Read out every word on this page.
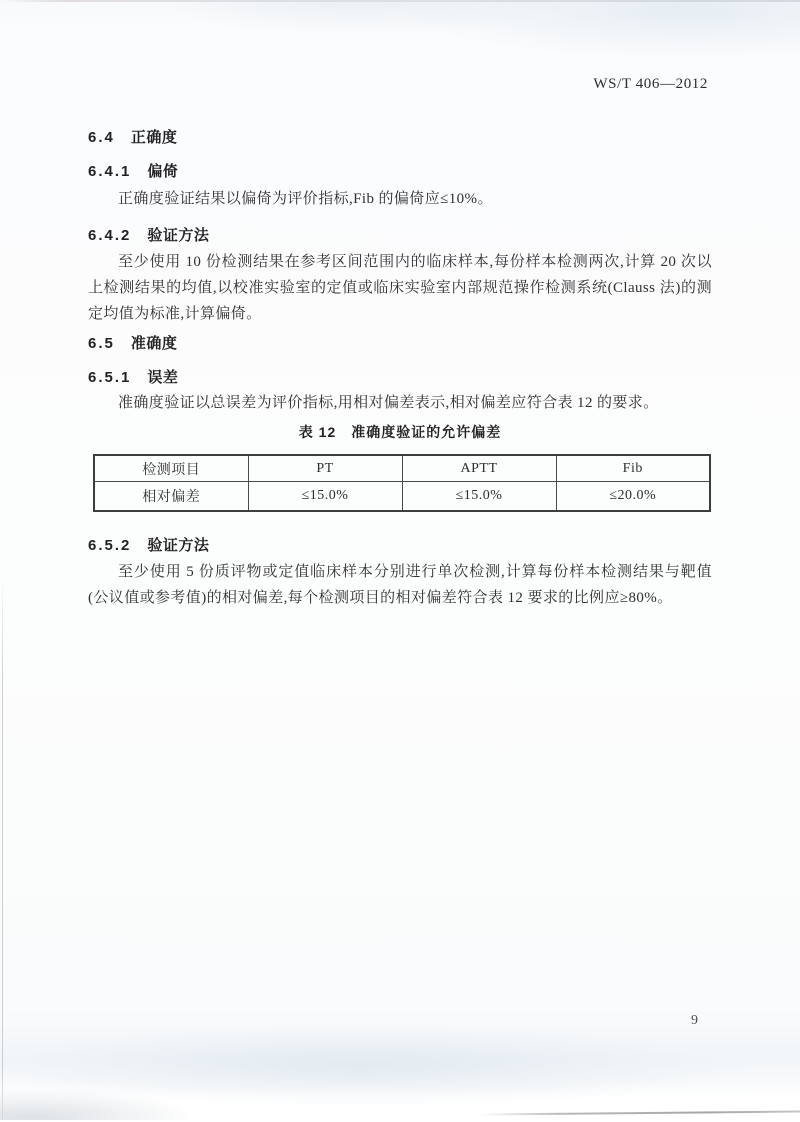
WS/T 406—2012
6.4 正确度
6.4.1 偏倚
正确度验证结果以偏倚为评价指标,Fib 的偏倚应≤10%。
6.4.2 验证方法
至少使用 10 份检测结果在参考区间范围内的临床样本,每份样本检测两次,计算 20 次以上检测结果的均值,以校准实验室的定值或临床实验室内部规范操作检测系统(Clauss 法)的测定均值为标准,计算偏倚。
6.5 准确度
6.5.1 误差
准确度验证以总误差为评价指标,用相对偏差表示,相对偏差应符合表 12 的要求。
表 12　准确度验证的允许偏差
检测项目	PT	APTT	Fib
相对偏差	≤15.0%	≤15.0%	≤20.0%
6.5.2 验证方法
至少使用 5 份质评物或定值临床样本分别进行单次检测,计算每份样本检测结果与靶值(公议值或参考值)的相对偏差,每个检测项目的相对偏差符合表 12 要求的比例应≥80%。
9
